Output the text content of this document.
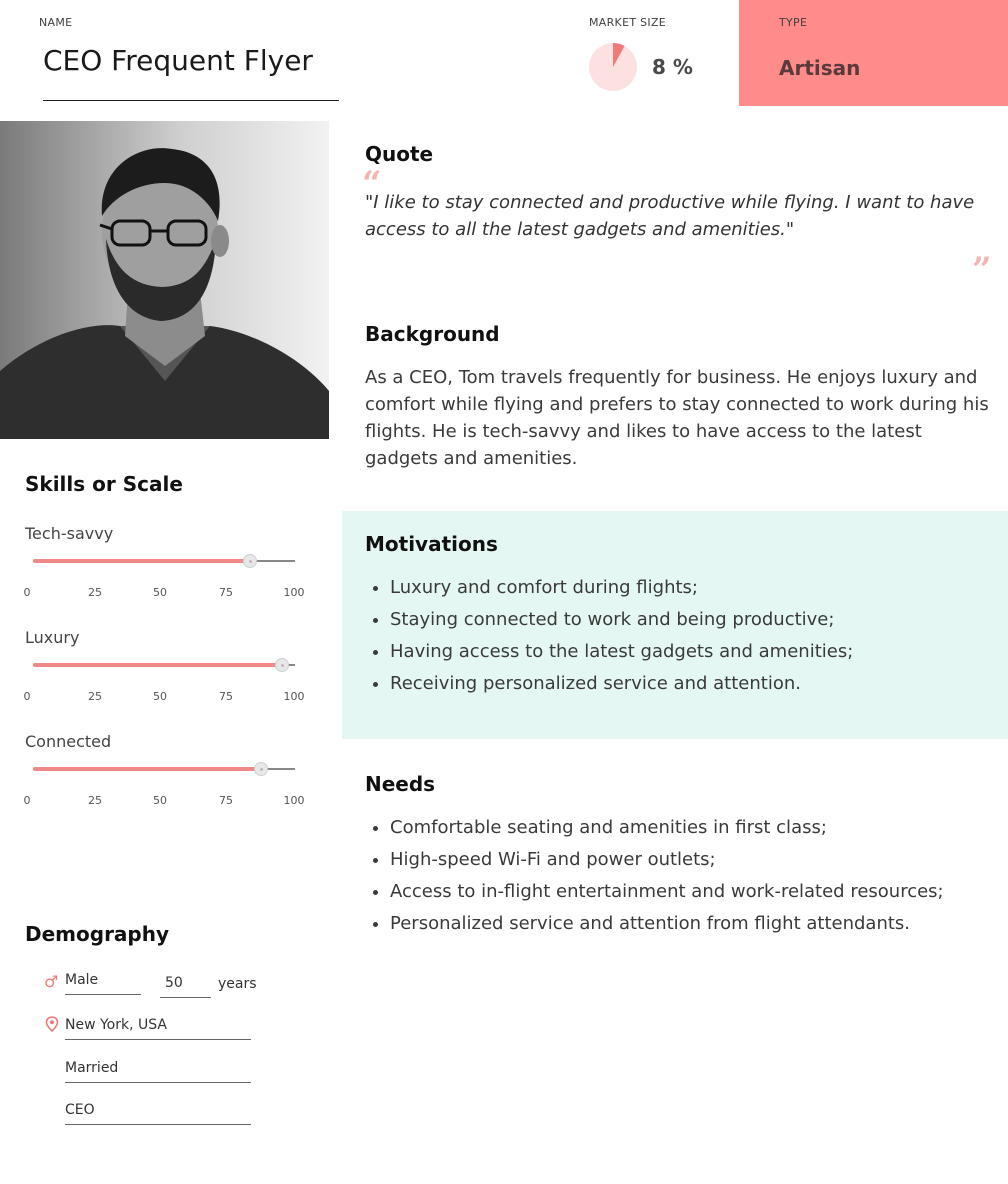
NAME
CEO Frequent Flyer
MARKET SIZE
8 %
TYPE
Artisan
Skills or Scale
Tech-savvy
0	25	50	75	100
Luxury
0	25	50	75	100
Connected
0	25	50	75	100
Demography
♂ Male	50	years
New York, USA
Married
CEO
Quote
“
"I like to stay connected and productive while flying. I want to have access to all the latest gadgets and amenities."
”
Background
As a CEO, Tom travels frequently for business. He enjoys luxury and comfort while flying and prefers to stay connected to work during his flights. He is tech-savvy and likes to have access to the latest gadgets and amenities.
Motivations
• Luxury and comfort during flights;
• Staying connected to work and being productive;
• Having access to the latest gadgets and amenities;
• Receiving personalized service and attention.
Needs
• Comfortable seating and amenities in first class;
• High-speed Wi-Fi and power outlets;
• Access to in-flight entertainment and work-related resources;
• Personalized service and attention from flight attendants.
